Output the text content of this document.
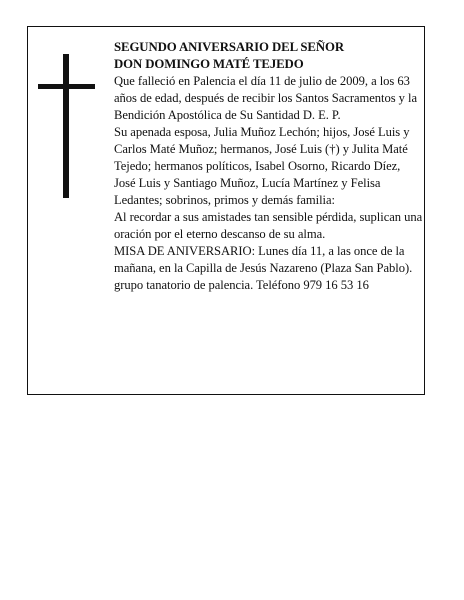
SEGUNDO ANIVERSARIO DEL SEÑOR
DON DOMINGO MATÉ TEJEDO

Que falleció en Palencia el día 11 de julio de 2009, a los 63 años de edad, después de recibir los Santos Sacramentos y la Bendición Apostólica de Su Santidad D. E. P.

Su apenada esposa, Julia Muñoz Lechón; hijos, José Luis y Carlos Maté Muñoz; hermanos, José Luis (†) y Julita Maté Tejedo; hermanos políticos, Isabel Osorno, Ricardo Díez, José Luis y Santiago Muñoz, Lucía Martínez y Felisa Ledantes; sobrinos, primos y demás familia:

Al recordar a sus amistades tan sensible pérdida, suplican una oración por el eterno descanso de su alma.

MISA DE ANIVERSARIO: Lunes día 11, a las once de la mañana, en la Capilla de Jesús Nazareno (Plaza San Pablo).

grupo tanatorio de palencia. Teléfono 979 16 53 16
